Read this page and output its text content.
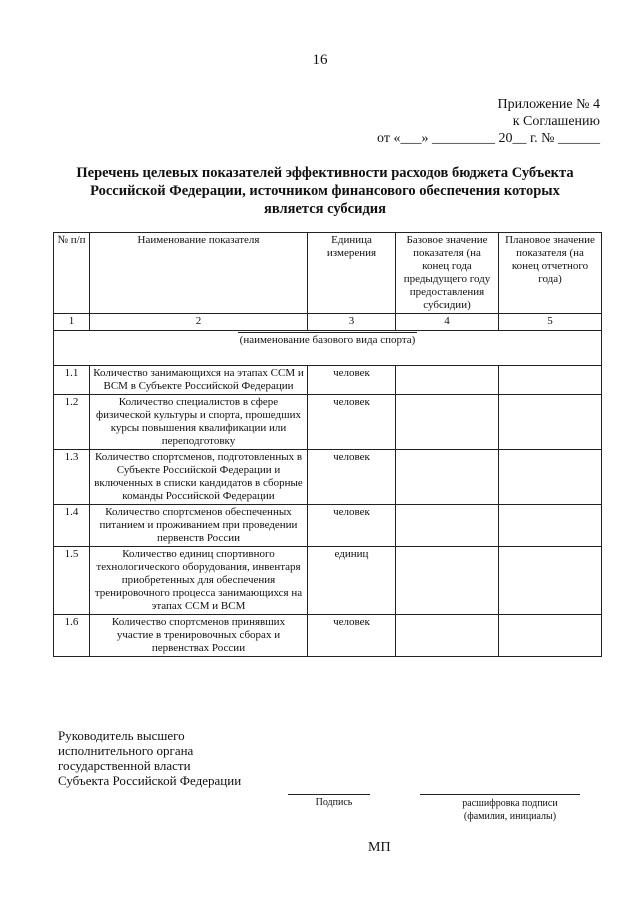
16
Приложение № 4
к Соглашению
от «___» _________ 20__ г. № ______
Перечень целевых показателей эффективности расходов бюджета Субъекта Российской Федерации, источником финансового обеспечения которых является субсидия
№ п/п	Наименование показателя	Единица измерения	Базовое значение показателя (на конец года предыдущего году предоставления субсидии)	Плановое значение показателя (на конец отчетного года)
1	2	3	4	5
(наименование базового вида спорта)				
1.1	Количество занимающихся на этапах ССМ и ВСМ в Субъекте Российской Федерации	человек		
1.2	Количество специалистов в сфере физической культуры и спорта, прошедших курсы повышения квалификации или переподготовку	человек		
1.3	Количество спортсменов, подготовленных в Субъекте Российской Федерации и включенных в списки кандидатов в сборные команды Российской Федерации	человек		
1.4	Количество спортсменов обеспеченных питанием и проживанием при проведении первенств России	человек		
1.5	Количество единиц спортивного технологического оборудования, инвентаря приобретенных для обеспечения тренировочного процесса занимающихся на этапах ССМ и ВСМ	единиц		
1.6	Количество спортсменов принявших участие в тренировочных сборах и первенствах России	человек		
Руководитель высшего
исполнительного органа
государственной власти
Субъекта Российской Федерации
Подпись	расшифровка подписи
(фамилия, инициалы)
МП
